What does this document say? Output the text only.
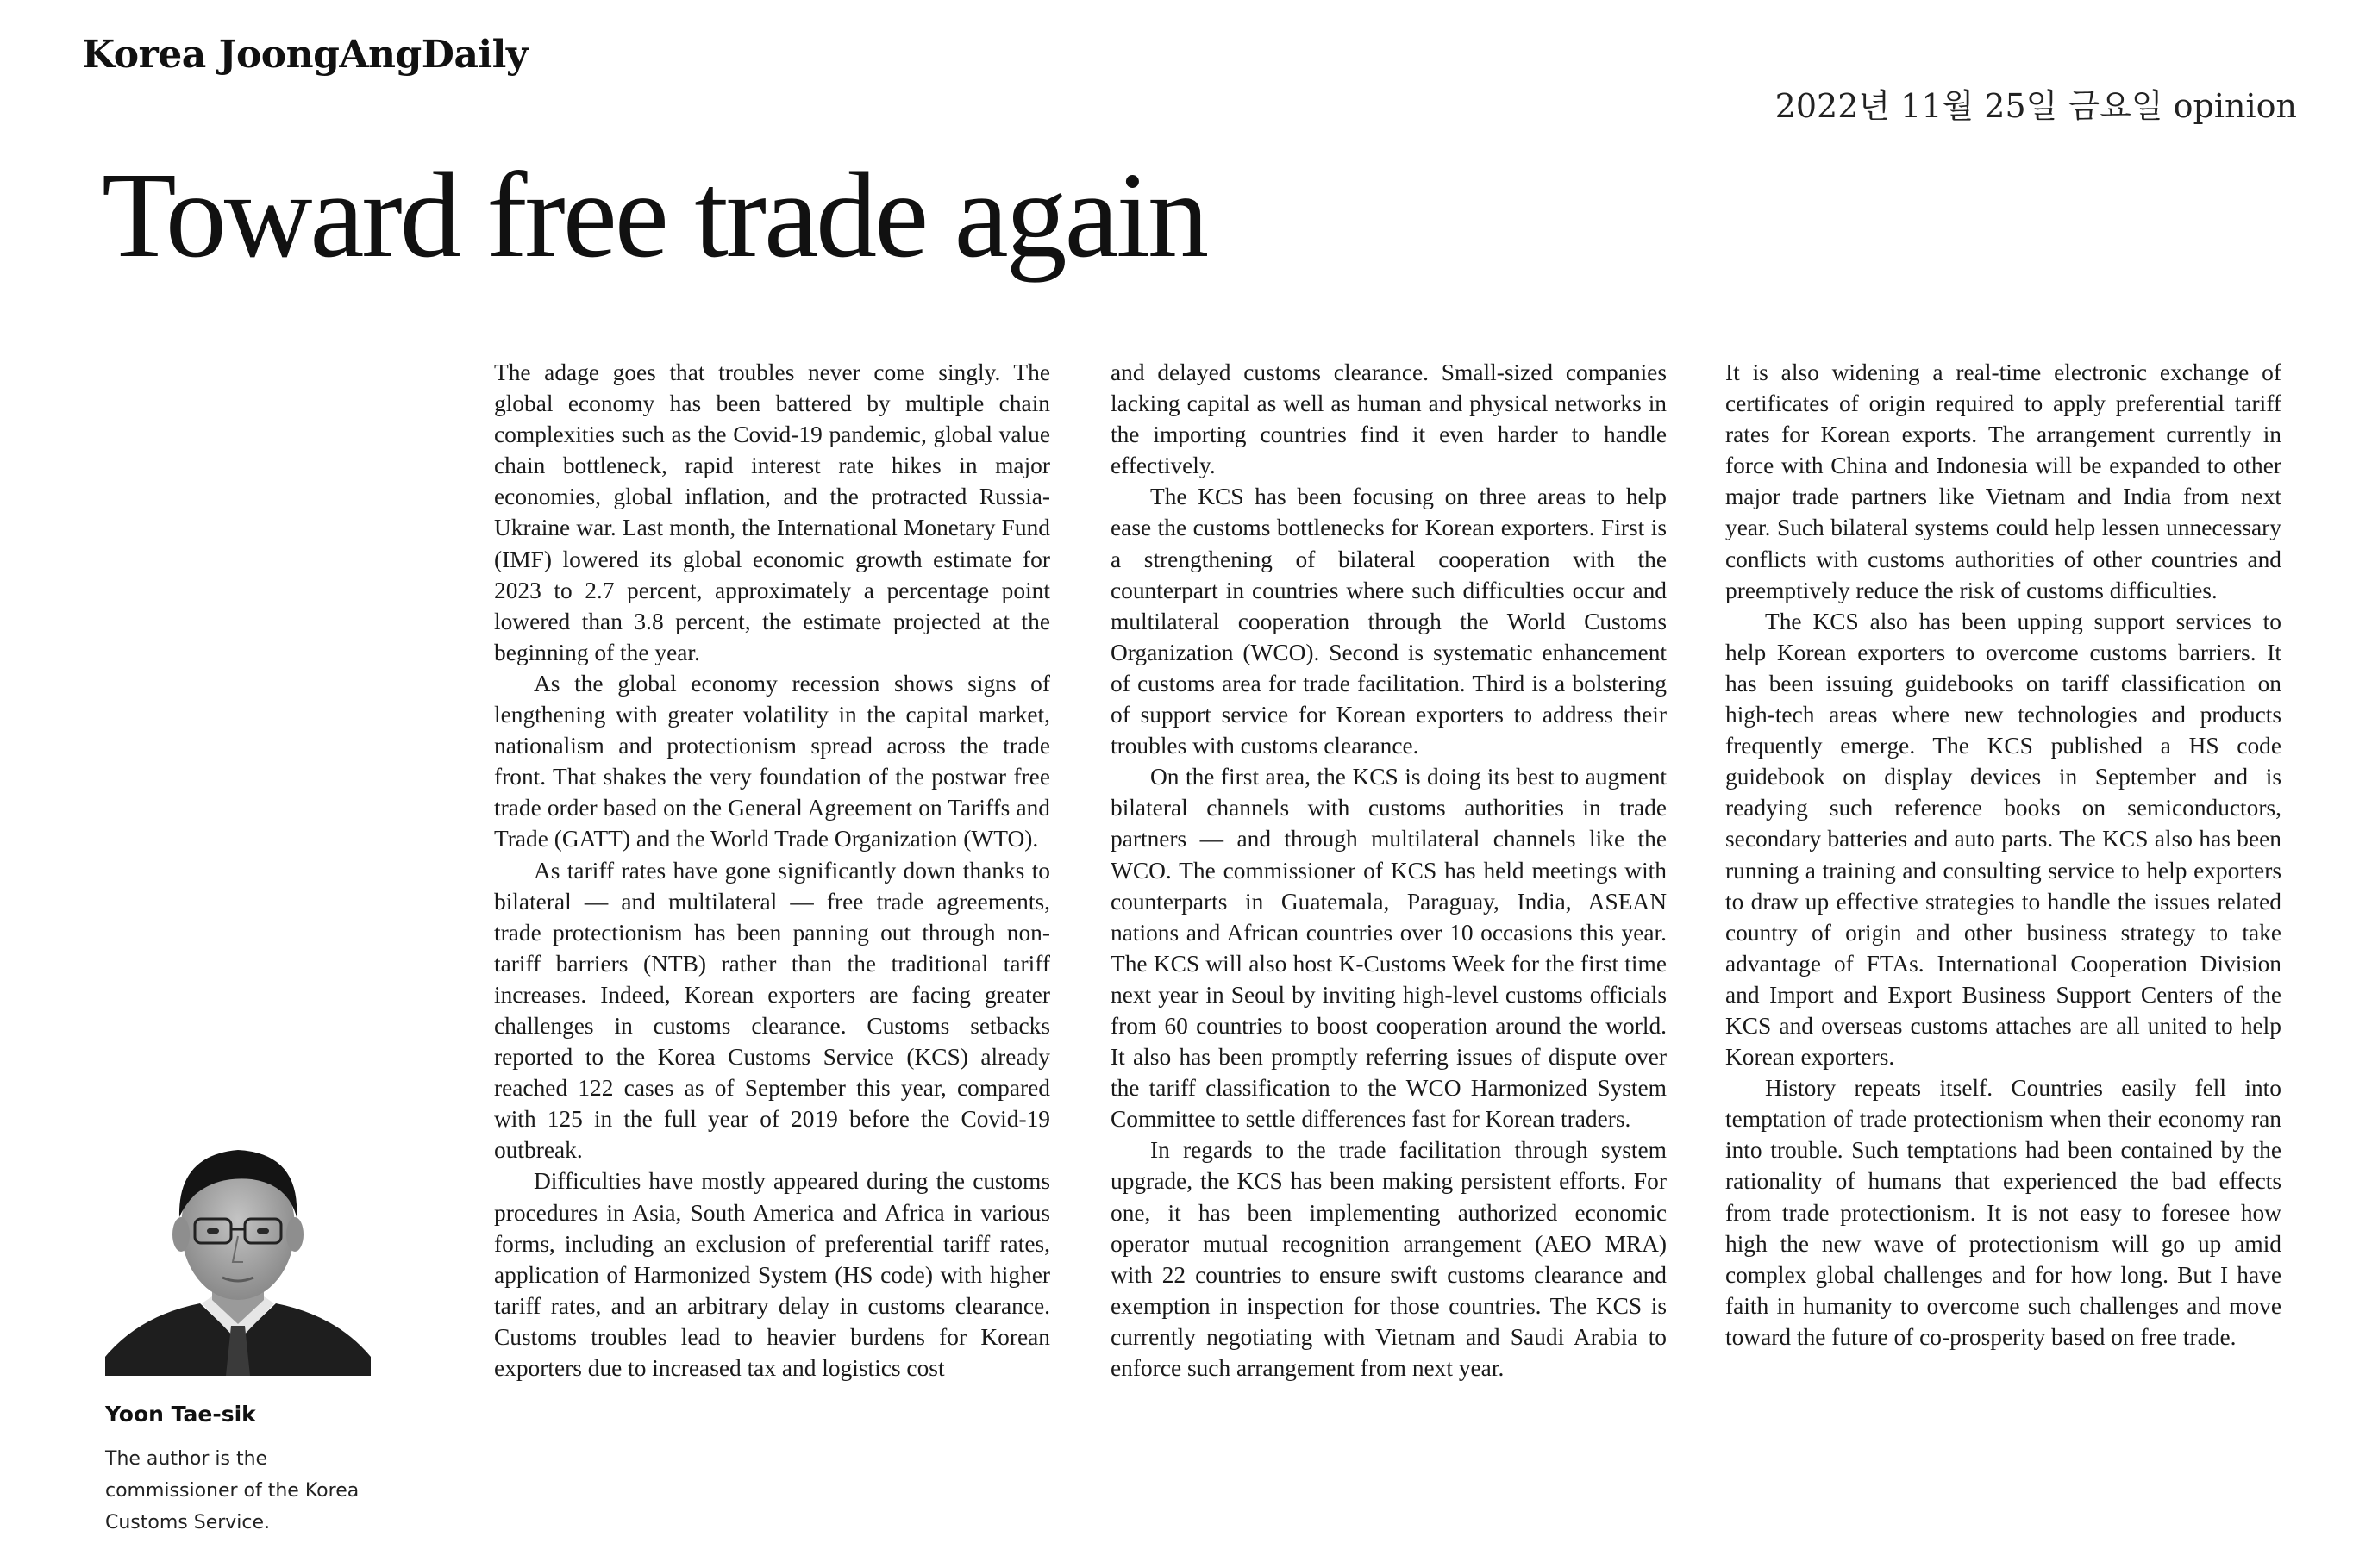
Korea JoongAngDaily
2022년 11월 25일 금요일 opinion
Toward free trade again

The adage goes that troubles never come singly. The global economy has been battered by multiple chain complexities such as the Covid-19 pandemic, global value chain bottleneck, rapid interest rate hikes in major economies, global inflation, and the protracted Russia-Ukraine war. Last month, the International Monetary Fund (IMF) lowered its global economic growth estimate for 2023 to 2.7 percent, approximately a percentage point lowered than 3.8 percent, the estimate projected at the beginning of the year.

As the global economy recession shows signs of lengthening with greater volatility in the capital market, nationalism and protectionism spread across the trade front. That shakes the very foundation of the postwar free trade order based on the General Agreement on Tariffs and Trade (GATT) and the World Trade Organization (WTO).

As tariff rates have gone significantly down thanks to bilateral — and multilateral — free trade agreements, trade protectionism has been panning out through non-tariff barriers (NTB) rather than the traditional tariff increases. Indeed, Korean exporters are facing greater challenges in customs clearance. Customs setbacks reported to the Korea Customs Service (KCS) already reached 122 cases as of September this year, compared with 125 in the full year of 2019 before the Covid-19 outbreak.

Difficulties have mostly appeared during the customs procedures in Asia, South America and Africa in various forms, including an exclusion of preferential tariff rates, application of Harmonized System (HS code) with higher tariff rates, and an arbitrary delay in customs clearance. Customs troubles lead to heavier burdens for Korean exporters due to increased tax and logistics cost

and delayed customs clearance. Small-sized companies lacking capital as well as human and physical networks in the importing countries find it even harder to handle effectively.

The KCS has been focusing on three areas to help ease the customs bottlenecks for Korean exporters. First is a strengthening of bilateral cooperation with the counterpart in countries where such difficulties occur and multilateral cooperation through the World Customs Organization (WCO). Second is systematic enhancement of customs area for trade facilitation. Third is a bolstering of support service for Korean exporters to address their troubles with customs clearance.

On the first area, the KCS is doing its best to augment bilateral channels with customs authorities in trade partners — and through multilateral channels like the WCO. The commissioner of KCS has held meetings with counterparts in Guatemala, Paraguay, India, ASEAN nations and African countries over 10 occasions this year. The KCS will also host K-Customs Week for the first time next year in Seoul by inviting high-level customs officials from 60 countries to boost cooperation around the world. It also has been promptly referring issues of dispute over the tariff classification to the WCO Harmonized System Committee to settle differences fast for Korean traders.

In regards to the trade facilitation through system upgrade, the KCS has been making persistent efforts. For one, it has been implementing authorized economic operator mutual recognition arrangement (AEO MRA) with 22 countries to ensure swift customs clearance and exemption in inspection for those countries. The KCS is currently negotiating with Vietnam and Saudi Arabia to enforce such arrangement from next year.

It is also widening a real-time electronic exchange of certificates of origin required to apply preferential tariff rates for Korean exports. The arrangement currently in force with China and Indonesia will be expanded to other major trade partners like Vietnam and India from next year. Such bilateral systems could help lessen unnecessary conflicts with customs authorities of other countries and preemptively reduce the risk of customs difficulties.

The KCS also has been upping support services to help Korean exporters to overcome customs barriers. It has been issuing guidebooks on tariff classification on high-tech areas where new technologies and products frequently emerge. The KCS published a HS code guidebook on display devices in September and is readying such reference books on semiconductors, secondary batteries and auto parts. The KCS also has been running a training and consulting service to help exporters to draw up effective strategies to handle the issues related country of origin and other business strategy to take advantage of FTAs. International Cooperation Division and Import and Export Business Support Centers of the KCS and overseas customs attaches are all united to help Korean exporters.

History repeats itself. Countries easily fell into temptation of trade protectionism when their economy ran into trouble. Such temptations had been contained by the rationality of humans that experienced the bad effects from trade protectionism. It is not easy to foresee how high the new wave of protectionism will go up amid complex global challenges and for how long. But I have faith in humanity to overcome such challenges and move toward the future of co-prosperity based on free trade.

Yoon Tae-sik
The author is the commissioner of the Korea Customs Service.
